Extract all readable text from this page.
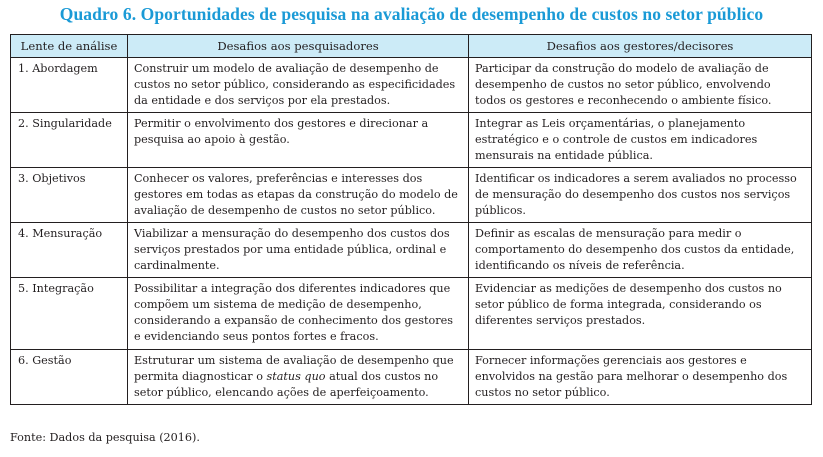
Quadro 6. Oportunidades de pesquisa na avaliação de desempenho de custos no setor público
Lente de análise	Desafios aos pesquisadores	Desafios aos gestores/decisores
1. Abordagem	Construir um modelo de avaliação de desempenho de custos no setor público, considerando as especificidades da entidade e dos serviços por ela prestados.	Participar da construção do modelo de avaliação de desempenho de custos no setor público, envolvendo todos os gestores e reconhecendo o ambiente físico.
2. Singularidade	Permitir o envolvimento dos gestores e direcionar a pesquisa ao apoio à gestão.	Integrar as Leis orçamentárias, o planejamento estratégico e o controle de custos em indicadores mensurais na entidade pública.
3. Objetivos	Conhecer os valores, preferências e interesses dos gestores em todas as etapas da construção do modelo de avaliação de desempenho de custos no setor público.	Identificar os indicadores a serem avaliados no processo de mensuração do desempenho dos custos nos serviços públicos.
4. Mensuração	Viabilizar a mensuração do desempenho dos custos dos serviços prestados por uma entidade pública, ordinal e cardinalmente.	Definir as escalas de mensuração para medir o comportamento do desempenho dos custos da entidade, identificando os níveis de referência.
5. Integração	Possibilitar a integração dos diferentes indicadores que compõem um sistema de medição de desempenho, considerando a expansão de conhecimento dos gestores e evidenciando seus pontos fortes e fracos.	Evidenciar as medições de desempenho dos custos no setor público de forma integrada, considerando os diferentes serviços prestados.
6. Gestão	Estruturar um sistema de avaliação de desempenho que permita diagnosticar o status quo atual dos custos no setor público, elencando ações de aperfeiçoamento.	Fornecer informações gerenciais aos gestores e envolvidos na gestão para melhorar o desempenho dos custos no setor público.
Fonte: Dados da pesquisa (2016).
